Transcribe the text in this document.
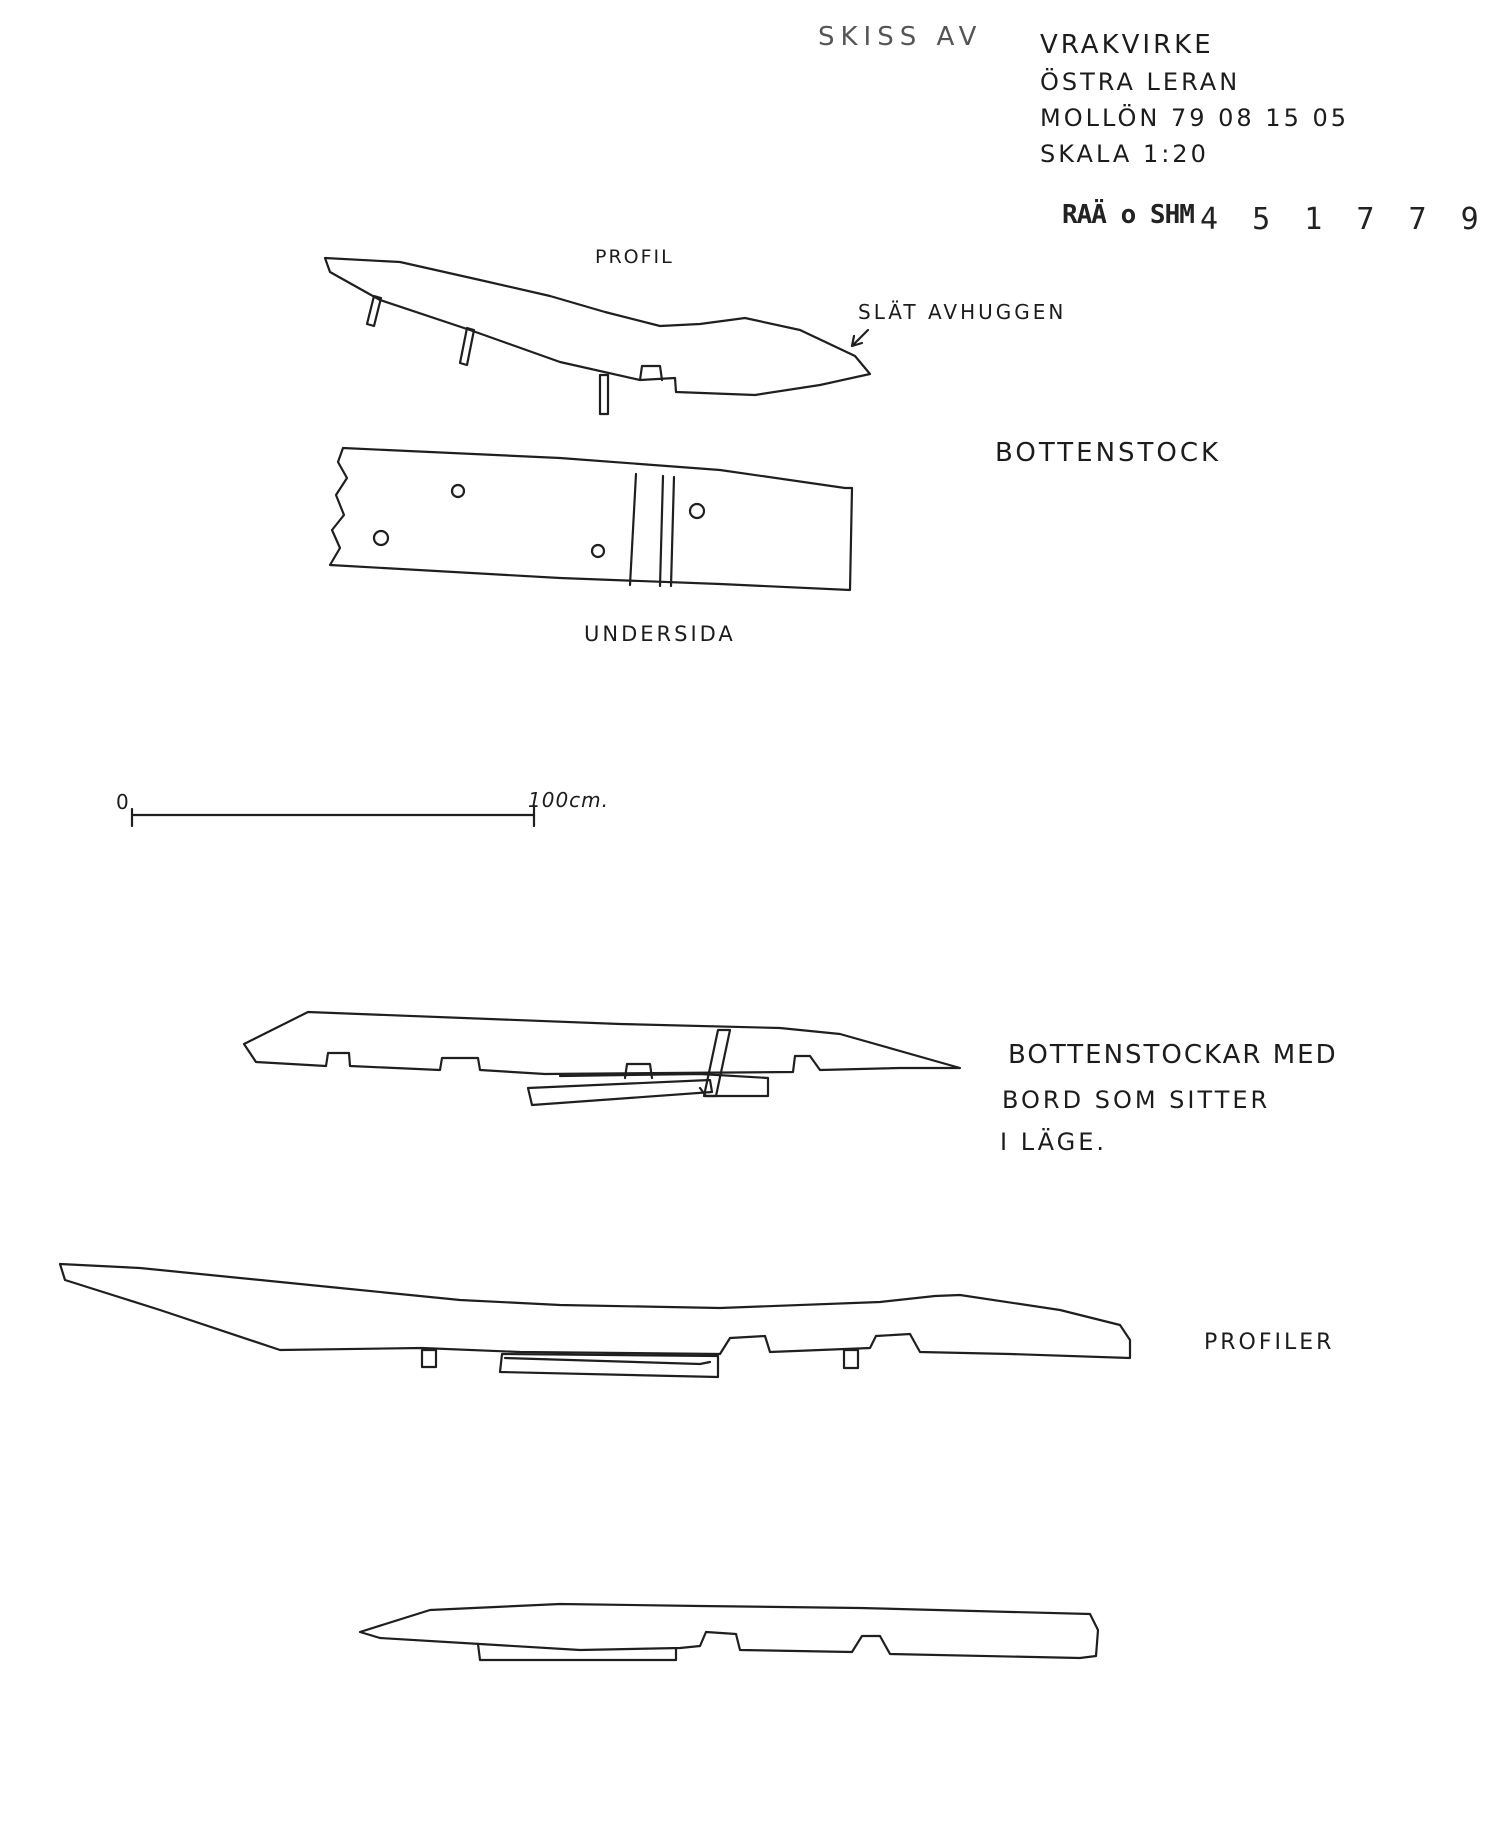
SKISS AV VRAKVIRKE
ÖSTRA LERAN
MOLLÖN 79 08 15 05
SKALA 1:20
RAÄ o SHM 4 5 1 7 7 9
PROFIL
SLÄT AVHUGGEN
BOTTENSTOCK
UNDERSIDA
0	100cm.
BOTTENSTOCKAR MED
BORD SOM SITTER
I LÄGE.
PROFILER
